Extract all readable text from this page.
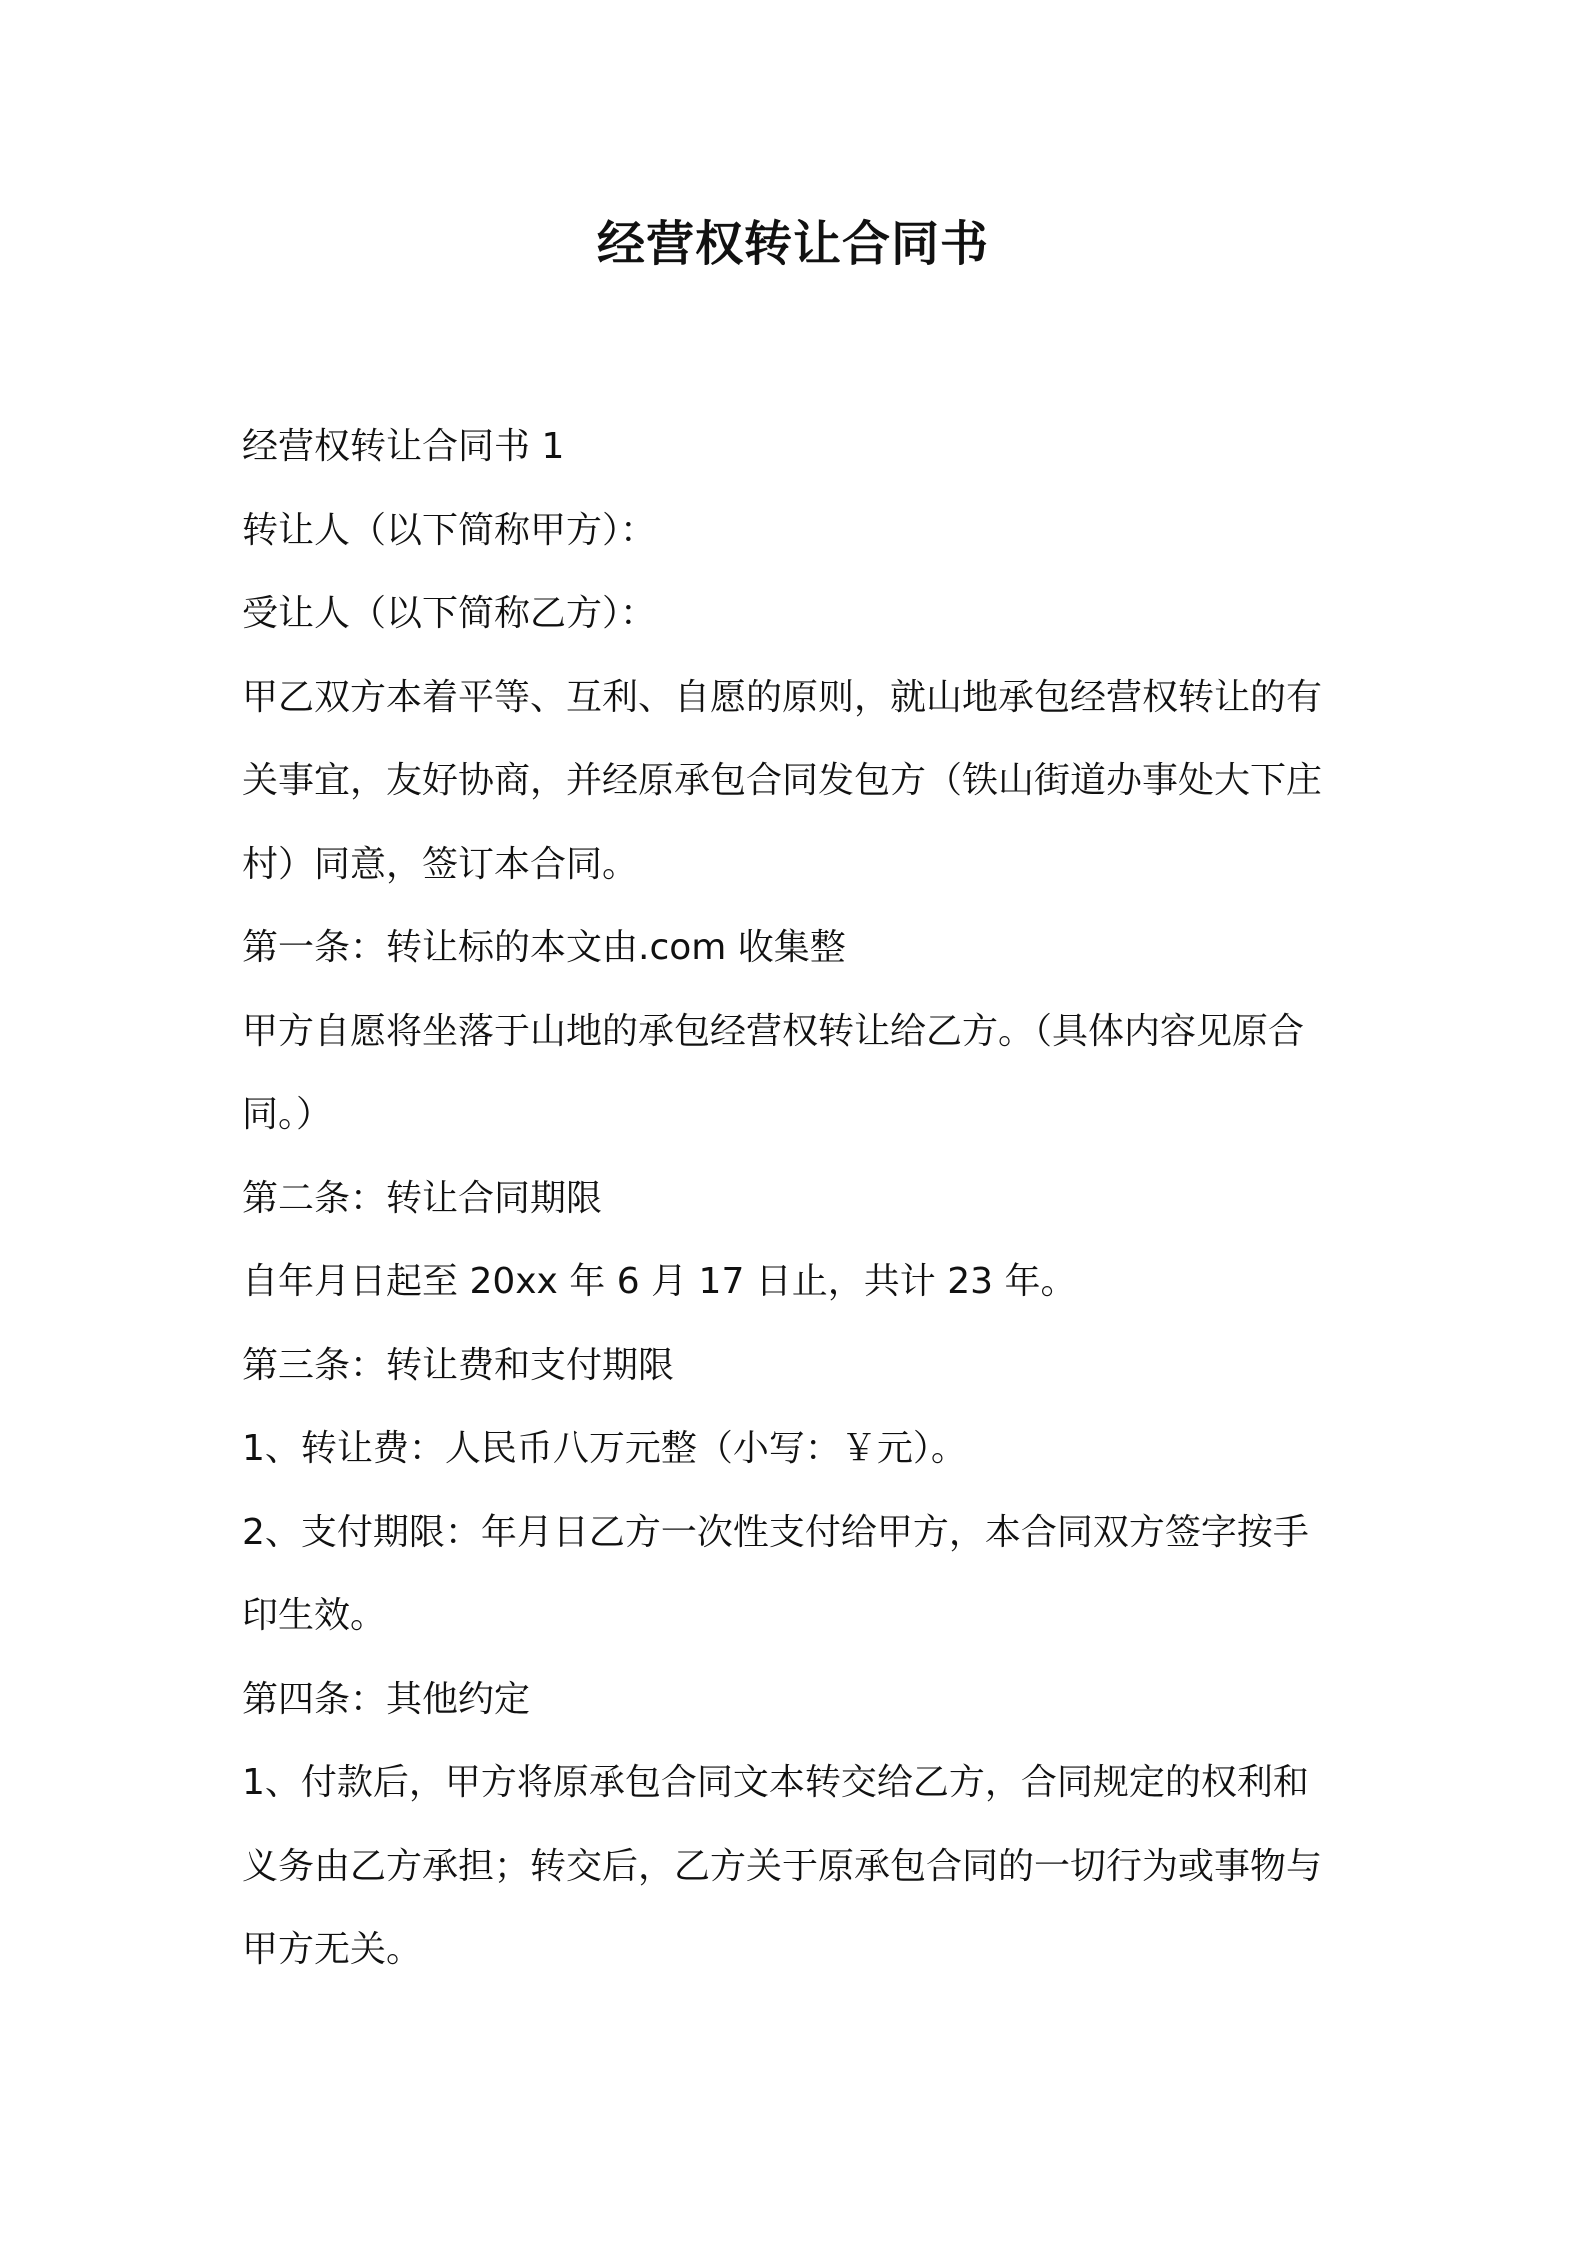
经营权转让合同书
经营权转让合同书 1
转让人（以下简称甲方）：
受让人（以下简称乙方）：
甲乙双方本着平等、互利、自愿的原则，就山地承包经营权转让的有
关事宜，友好协商，并经原承包合同发包方（铁山街道办事处大下庄
村）同意，签订本合同。
第一条：转让标的本文由.com 收集整
甲方自愿将坐落于山地的承包经营权转让给乙方。（具体内容见原合
同。）
第二条：转让合同期限
自年月日起至 20xx 年 6 月 17 日止，共计 23 年。
第三条：转让费和支付期限
1、转让费：人民币八万元整（小写：￥元）。
2、支付期限：年月日乙方一次性支付给甲方，本合同双方签字按手
印生效。
第四条：其他约定
1、付款后，甲方将原承包合同文本转交给乙方，合同规定的权利和
义务由乙方承担；转交后，乙方关于原承包合同的一切行为或事物与
甲方无关。
